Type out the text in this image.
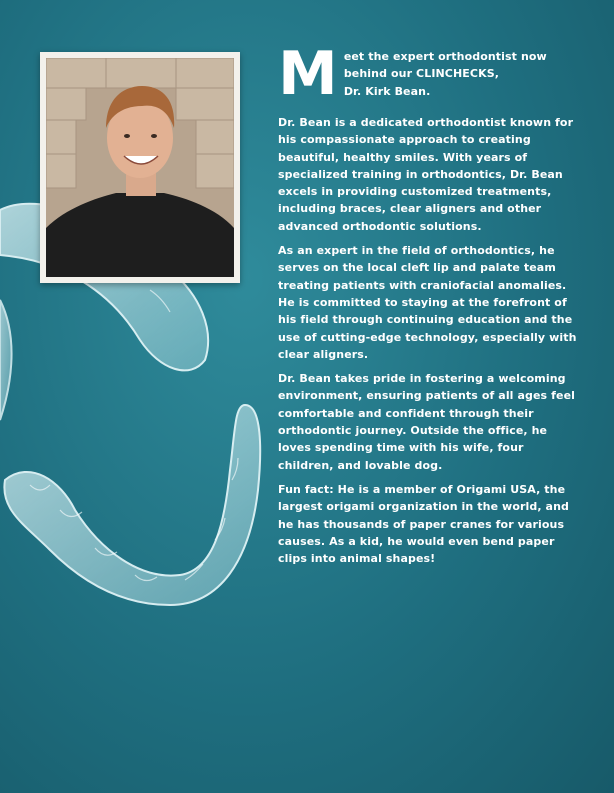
M eet the expert orthodontist now
behind our CLINCHECKS,
Dr. Kirk Bean.

Dr. Bean is a dedicated orthodontist known for his compassionate approach to creating beautiful, healthy smiles. With years of specialized training in orthodontics, Dr. Bean excels in providing customized treatments, including braces, clear aligners and other advanced orthodontic solutions.

As an expert in the field of orthodontics, he serves on the local cleft lip and palate team treating patients with craniofacial anomalies. He is committed to staying at the forefront of his field through continuing education and the use of cutting-edge technology, especially with clear aligners.

Dr. Bean takes pride in fostering a welcoming environment, ensuring patients of all ages feel comfortable and confident through their orthodontic journey. Outside the office, he loves spending time with his wife, four children, and lovable dog.

Fun fact: He is a member of Origami USA, the largest origami organization in the world, and he has thousands of paper cranes for various causes. As a kid, he would even bend paper clips into animal shapes!
